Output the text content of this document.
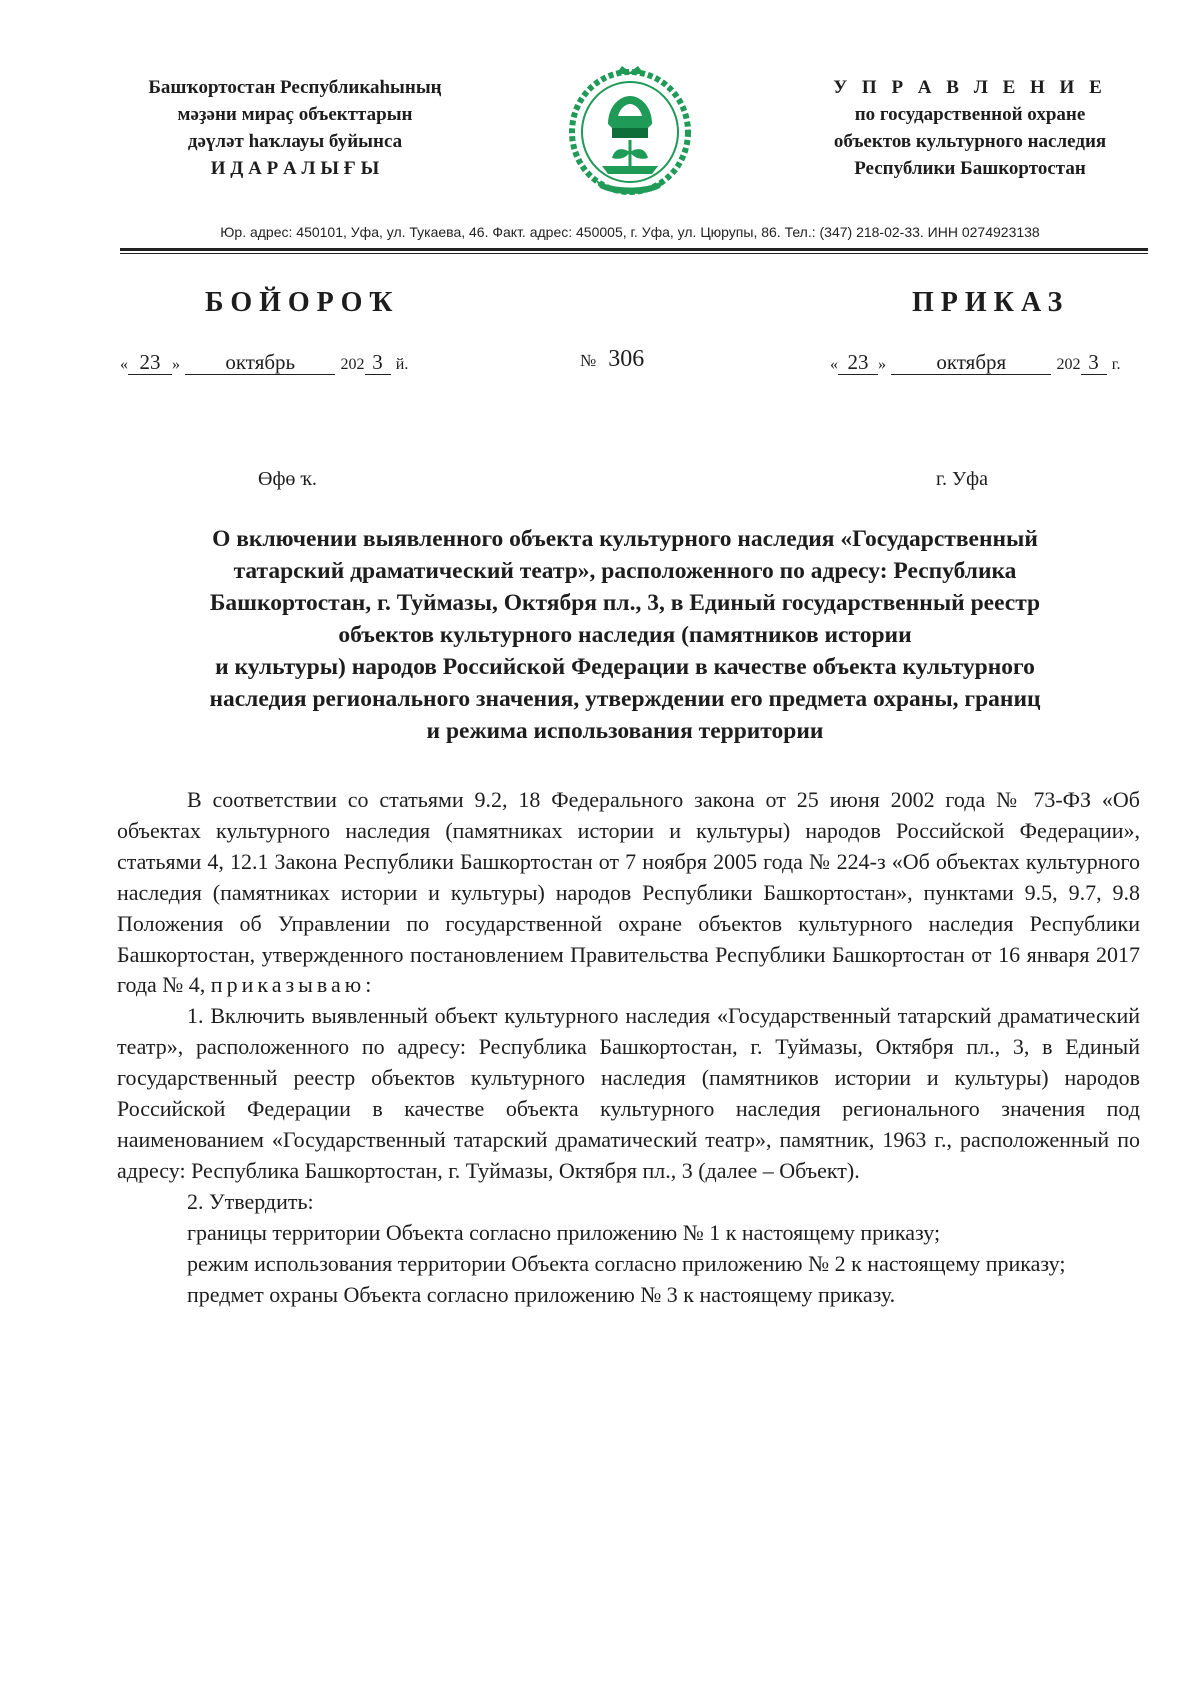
Башҡортостан Республикаһының
мәҙәни мираҫ объекттарын
дәүләт һаҡлауы буйынса
И Д А Р А Л Ы Ғ Ы
У П Р А В Л Е Н И Е
по государственной охране
объектов культурного наследия
Республики Башкортостан
Юр. адрес: 450101, Уфа, ул. Тукаева, 46. Факт. адрес: 450005, г. Уфа, ул. Цюрупы, 86. Тел.: (347) 218-02-33. ИНН 0274923138
БОЙОРОҠ	ПРИКАЗ
« 23 » октябрь	202 3 й.	№ 306	« 23 » октября	202 3 г.
Өфө ҡ.	г. Уфа
О включении выявленного объекта культурного наследия «Государственный
татарский драматический театр», расположенного по адресу: Республика
Башкортостан, г. Туймазы, Октября пл., 3, в Единый государственный реестр
объектов культурного наследия (памятников истории
и культуры) народов Российской Федерации в качестве объекта культурного
наследия регионального значения, утверждении его предмета охраны, границ
и режима использования территории

В соответствии со статьями 9.2, 18 Федерального закона от 25 июня 2002 года № 73-ФЗ «Об объектах культурного наследия (памятниках истории и культуры) народов Российской Федерации», статьями 4, 12.1 Закона Республики Башкортостан от 7 ноября 2005 года № 224-з «Об объектах культурного наследия (памятниках истории и культуры) народов Республики Башкортостан», пунктами 9.5, 9.7, 9.8 Положения об Управлении по государственной охране объектов культурного наследия Республики Башкортостан, утвержденного постановлением Правительства Республики Башкортостан от 16 января 2017 года № 4, приказываю:

1. Включить выявленный объект культурного наследия «Государственный татарский драматический театр», расположенного по адресу: Республика Башкортостан, г. Туймазы, Октября пл., 3, в Единый государственный реестр объектов культурного наследия (памятников истории и культуры) народов Российской Федерации в качестве объекта культурного наследия регионального значения под наименованием «Государственный татарский драматический театр», памятник, 1963 г., расположенный по адресу: Республика Башкортостан, г. Туймазы, Октября пл., 3 (далее – Объект).

2. Утвердить:

границы территории Объекта согласно приложению № 1 к настоящему приказу;

режим использования территории Объекта согласно приложению № 2 к настоящему приказу;

предмет охраны Объекта согласно приложению № 3 к настоящему приказу.
